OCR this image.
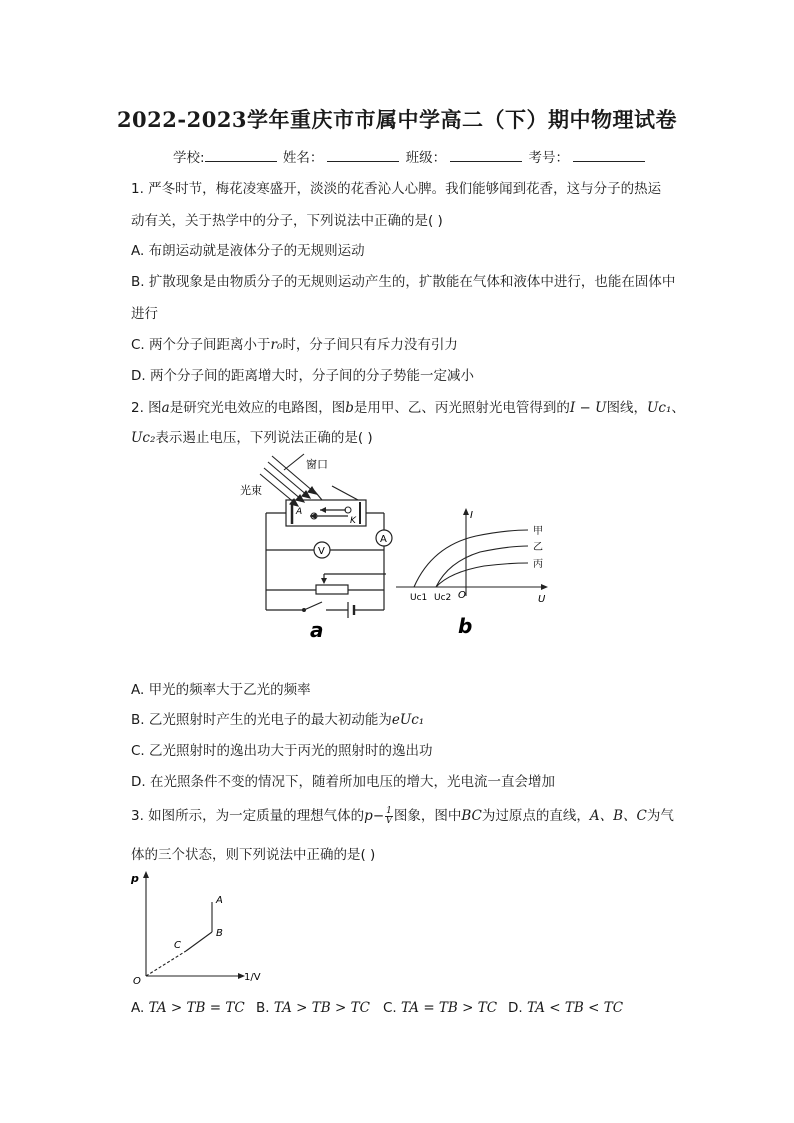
2022-2023学年重庆市市属中学高二（下）期中物理试卷
学校:	姓名：	班级：	考号：
1. 严冬时节，梅花凌寒盛开，淡淡的花香沁人心脾。我们能够闻到花香，这与分子的热运
动有关，关于热学中的分子，下列说法中正确的是( )
A. 布朗运动就是液体分子的无规则运动
B. 扩散现象是由物质分子的无规则运动产生的，扩散能在气体和液体中进行，也能在固体中
进行
C. 两个分子间距离小于r₀时，分子间只有斥力没有引力
D. 两个分子间的距离增大时，分子间的分子势能一定减小
2. 图a是研究光电效应的电路图，图b是用甲、乙、丙光照射光电管得到的I − U图线，Uc₁、
Uc₂表示遏止电压，下列说法正确的是( )
窗口
光束
A
K
A
V
a
I
U
O
Uc1 Uc2
甲
乙
丙
b
A. 甲光的频率大于乙光的频率
B. 乙光照射时产生的光电子的最大初动能为eUc₁
C. 乙光照射时的逸出功大于丙光的照射时的逸出功
D. 在光照条件不变的情况下，随着所加电压的增大，光电流一直会增加
3. 如图所示，为一定质量的理想气体的$p- \frac{1}{V}$ 图象，图中BC为过原点的直线，A、B、C为气
体的三个状态，则下列说法中正确的是( )
p
1/V
O
A
B
C
A. TA > TB = TC B. TA > TB > TC C. TA = TB > TC D. TA < TB < TC
